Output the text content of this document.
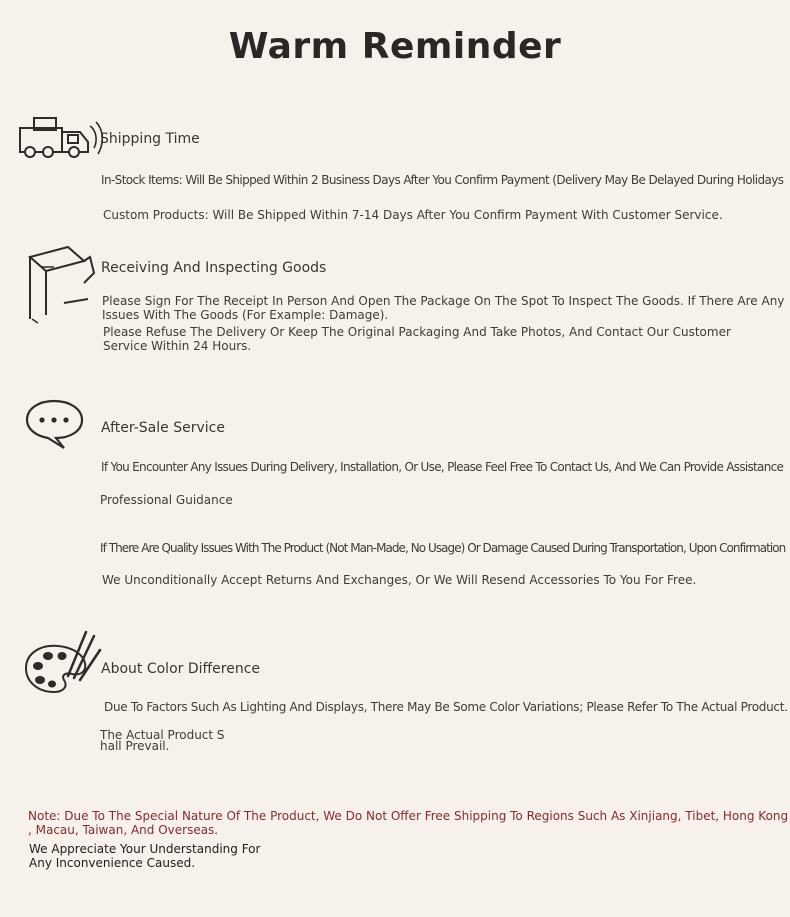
Warm Reminder
Shipping Time
In-Stock Items: Will Be Shipped Within 2 Business Days After You Confirm Payment (Delivery May Be Delayed During Holidays
Custom Products: Will Be Shipped Within 7-14 Days After You Confirm Payment With Customer Service.
Receiving And Inspecting Goods
Please Sign For The Receipt In Person And Open The Package On The Spot To Inspect The Goods. If There Are Any
Issues With The Goods (For Example: Damage).
Please Refuse The Delivery Or Keep The Original Packaging And Take Photos, And Contact Our Customer
Service Within 24 Hours.
After-Sale Service
If You Encounter Any Issues During Delivery, Installation, Or Use, Please Feel Free To Contact Us, And We Can Provide Assistance
Professional Guidance
If There Are Quality Issues With The Product (Not Man-Made, No Usage) Or Damage Caused During Transportation, Upon Confirmation
We Unconditionally Accept Returns And Exchanges, Or We Will Resend Accessories To You For Free.
About Color Difference
Due To Factors Such As Lighting And Displays, There May Be Some Color Variations; Please Refer To The Actual Product.
The Actual Product S
hall Prevail.
Note: Due To The Special Nature Of The Product, We Do Not Offer Free Shipping To Regions Such As Xinjiang, Tibet, Hong Kong
, Macau, Taiwan, And Overseas.
We Appreciate Your Understanding For
Any Inconvenience Caused.
